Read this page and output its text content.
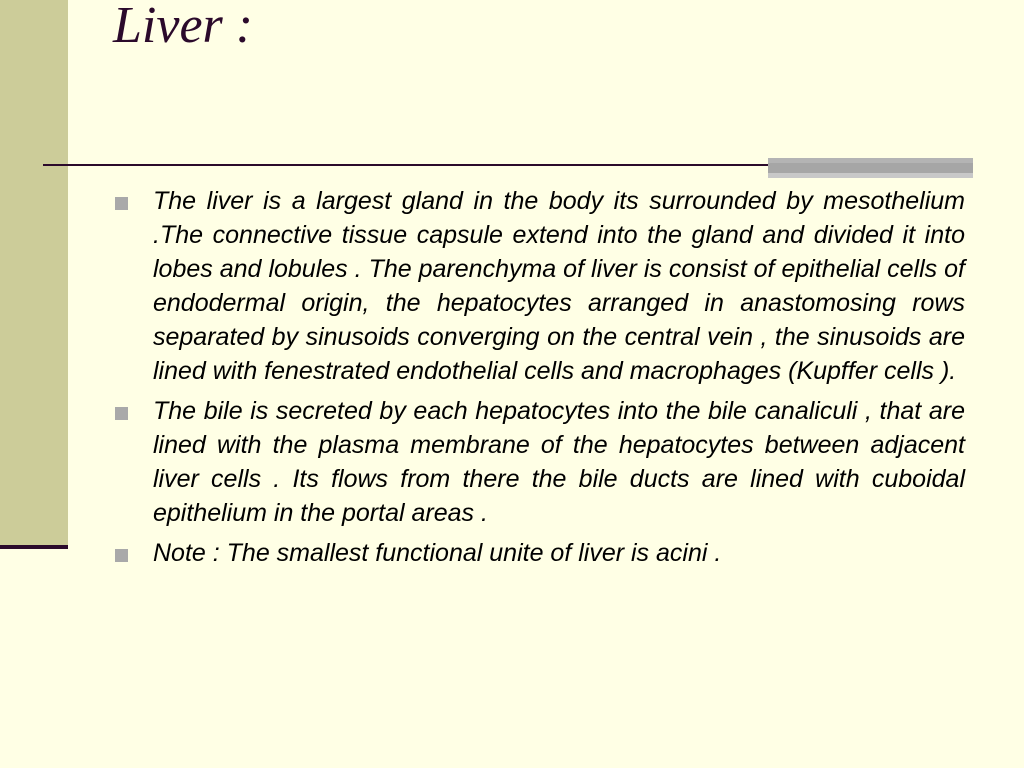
Liver :
The liver is a largest gland in the body its surrounded by mesothelium .The connective tissue capsule extend into the gland and divided it into lobes and lobules . The parenchyma of liver is consist of epithelial cells of endodermal origin, the hepatocytes arranged in anastomosing rows separated by sinusoids converging on the central vein , the sinusoids are lined with fenestrated endothelial cells and macrophages (Kupffer cells ).
The bile is secreted by each hepatocytes into the bile canaliculi , that are lined with the plasma membrane of the hepatocytes between adjacent liver cells . Its flows from there the bile ducts are lined with cuboidal epithelium in the portal areas .
Note : The smallest functional unite of liver is acini .
